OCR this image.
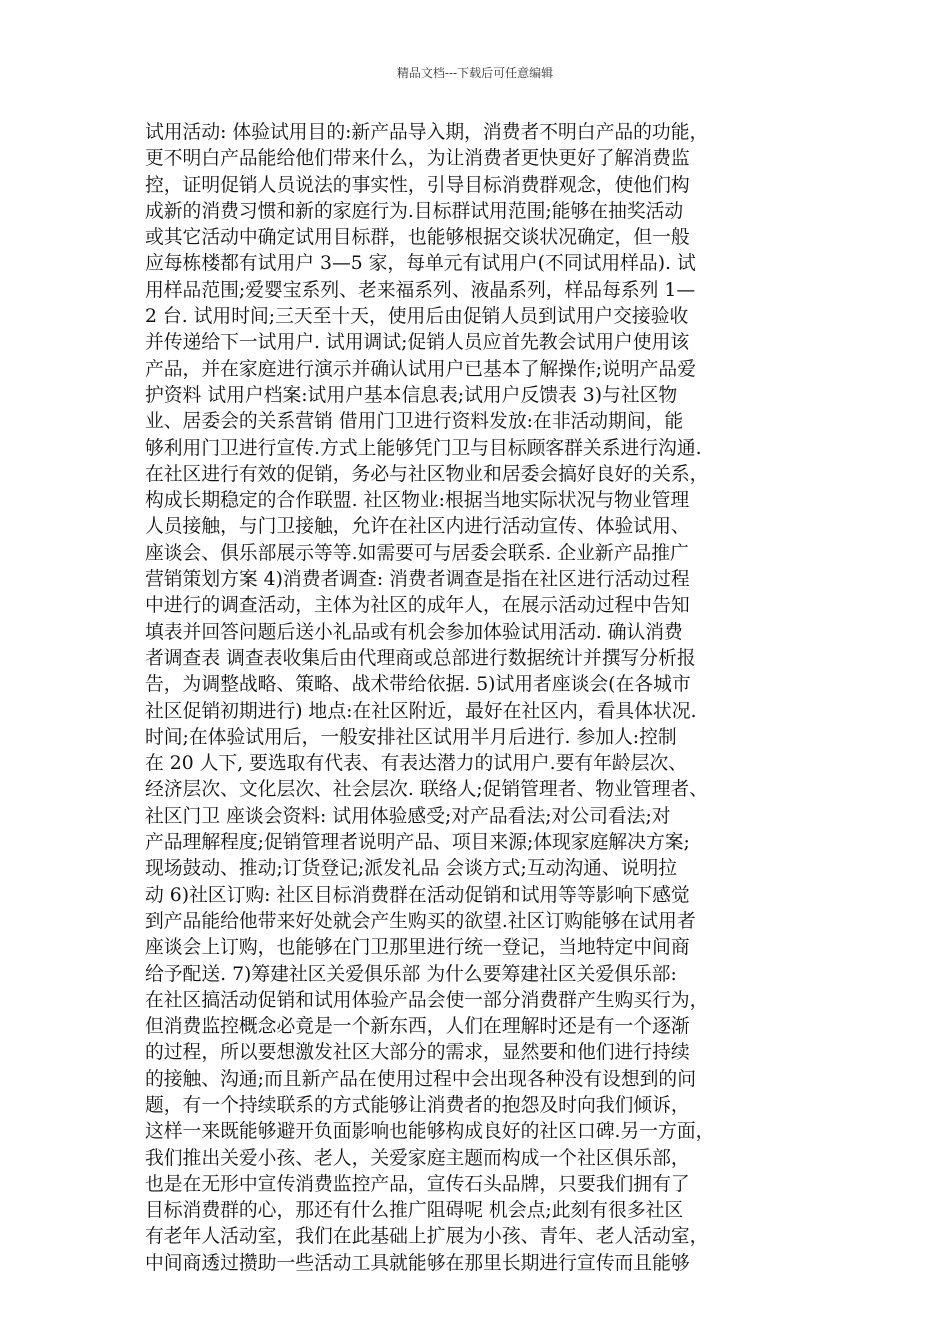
精品文档---下载后可任意编辑
试用活动: 体验试用目的:新产品导入期，消费者不明白产品的功能，
更不明白产品能给他们带来什么，为让消费者更快更好了解消费监
控，证明促销人员说法的事实性，引导目标消费群观念，使他们构
成新的消费习惯和新的家庭行为.目标群试用范围;能够在抽奖活动
或其它活动中确定试用目标群，也能够根据交谈状况确定，但一般
应每栋楼都有试用户 3—5 家，每单元有试用户(不同试用样品). 试
用样品范围;爱婴宝系列、老来福系列、液晶系列，样品每系列 1—
2 台. 试用时间;三天至十天，使用后由促销人员到试用户交接验收
并传递给下一试用户. 试用调试;促销人员应首先教会试用户使用该
产品，并在家庭进行演示并确认试用户已基本了解操作;说明产品爱
护资料 试用户档案:试用户基本信息表;试用户反馈表 3)与社区物
业、居委会的关系营销 借用门卫进行资料发放:在非活动期间，能
够利用门卫进行宣传.方式上能够凭门卫与目标顾客群关系进行沟通.
在社区进行有效的促销，务必与社区物业和居委会搞好良好的关系，
构成长期稳定的合作联盟. 社区物业:根据当地实际状况与物业管理
人员接触，与门卫接触，允许在社区内进行活动宣传、体验试用、
座谈会、俱乐部展示等等.如需要可与居委会联系. 企业新产品推广
营销策划方案 4)消费者调查: 消费者调查是指在社区进行活动过程
中进行的调查活动，主体为社区的成年人，在展示活动过程中告知
填表并回答问题后送小礼品或有机会参加体验试用活动. 确认消费
者调查表 调查表收集后由代理商或总部进行数据统计并撰写分析报
告，为调整战略、策略、战术带给依据. 5)试用者座谈会(在各城市
社区促销初期进行) 地点:在社区附近，最好在社区内，看具体状况.
时间;在体验试用后，一般安排社区试用半月后进行. 参加人:控制
在 20 人下, 要选取有代表、有表达潜力的试用户.要有年龄层次、
经济层次、文化层次、社会层次. 联络人;促销管理者、物业管理者、
社区门卫 座谈会资料: 试用体验感受;对产品看法;对公司看法;对
产品理解程度;促销管理者说明产品、项目来源;体现家庭解决方案;
现场鼓动、推动;订货登记;派发礼品 会谈方式;互动沟通、说明拉
动 6)社区订购: 社区目标消费群在活动促销和试用等等影响下感觉
到产品能给他带来好处就会产生购买的欲望.社区订购能够在试用者
座谈会上订购，也能够在门卫那里进行统一登记，当地特定中间商
给予配送. 7)筹建社区关爱俱乐部 为什么要筹建社区关爱俱乐部:
在社区搞活动促销和试用体验产品会使一部分消费群产生购买行为，
但消费监控概念必竟是一个新东西，人们在理解时还是有一个逐渐
的过程，所以要想激发社区大部分的需求，显然要和他们进行持续
的接触、沟通;而且新产品在使用过程中会出现各种没有设想到的问
题，有一个持续联系的方式能够让消费者的抱怨及时向我们倾诉，
这样一来既能够避开负面影响也能够构成良好的社区口碑.另一方面，
我们推出关爱小孩、老人，关爱家庭主题而构成一个社区俱乐部，
也是在无形中宣传消费监控产品，宣传石头品牌，只要我们拥有了
目标消费群的心，那还有什么推广阻碍呢 机会点;此刻有很多社区
有老年人活动室，我们在此基础上扩展为小孩、青年、老人活动室，
中间商透过攒助一些活动工具就能够在那里长期进行宣传而且能够
